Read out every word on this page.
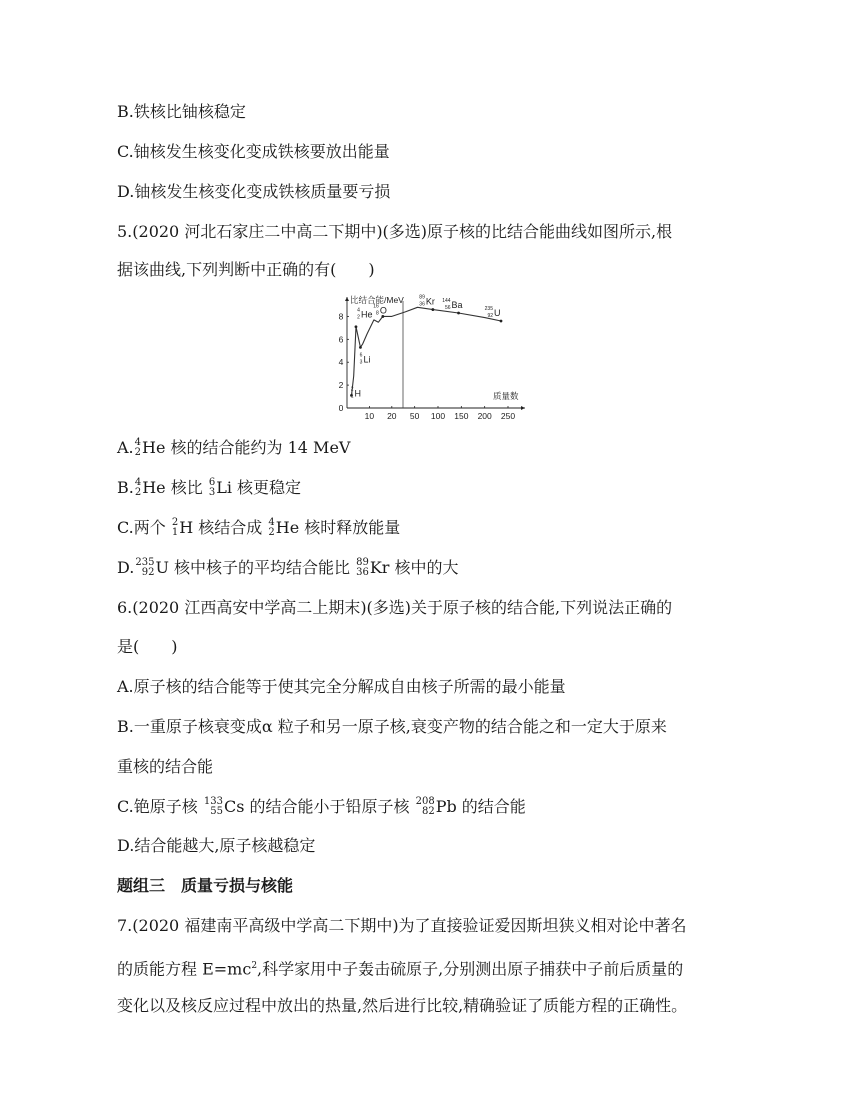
B.铁核比铀核稳定
C.铀核发生核变化变成铁核要放出能量
D.铀核发生核变化变成铁核质量要亏损
5.(2020 河北石家庄二中高二下期中)(多选)原子核的比结合能曲线如图所示,根
据该曲线,下列判断中正确的有(　　)
比结合能/MeV
质量数
0
2
4
6
8
10 20 50 100 150 200 250
4
2 He
6
3 Li
2
1 H
16
8 O
89
36 Kr 144
56 Ba	235
92 U
A. 4
2 He 核的结合能约为 14 MeV
B. 4
2 He 核比 6
3 Li 核更稳定
C.两个 2
1 H 核结合成 4
2 He 核时释放能量
D. 235
92 U 核中核子的平均结合能比 89
36 Kr 核中的大
6.(2020 江西高安中学高二上期末)(多选)关于原子核的结合能,下列说法正确的
是(　　)
A.原子核的结合能等于使其完全分解成自由核子所需的最小能量
B.一重原子核衰变成α 粒子和另一原子核,衰变产物的结合能之和一定大于原来
重核的结合能
C.铯原子核 133
55 Cs 的结合能小于铅原子核 208
82 Pb 的结合能
D.结合能越大,原子核越稳定
题组三　质量亏损与核能
7.(2020 福建南平高级中学高二下期中)为了直接验证爱因斯坦狭义相对论中著名
的质能方程 $E=mc^2$,科学家用中子轰击硫原子,分别测出原子捕获中子前后质量的
变化以及核反应过程中放出的热量,然后进行比较,精确验证了质能方程的正确性。
